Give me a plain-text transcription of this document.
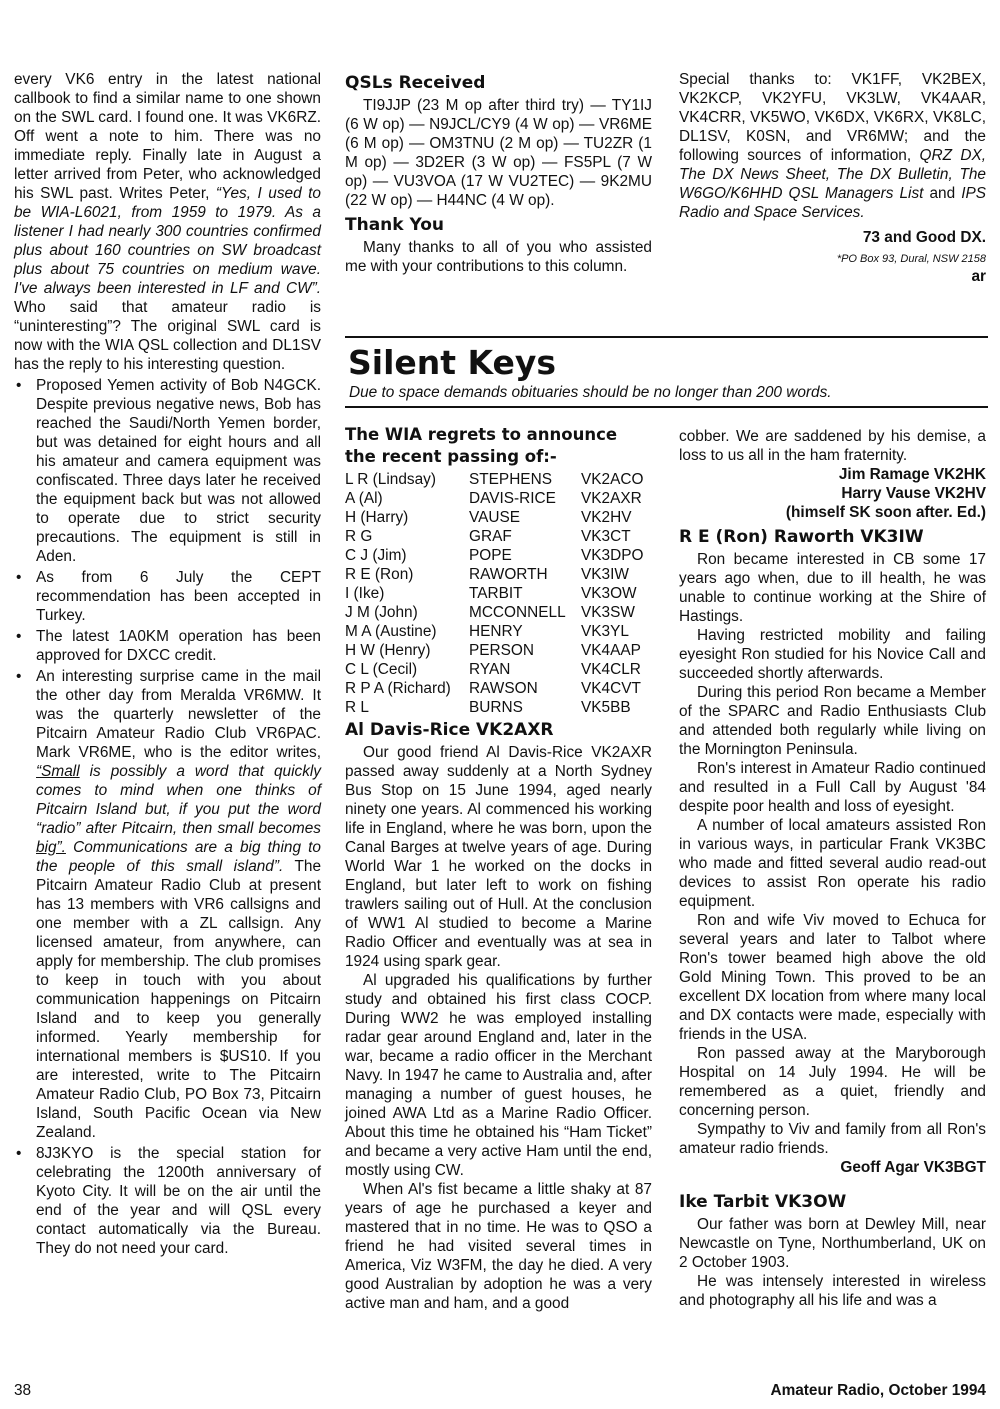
every VK6 entry in the latest national callbook to find a similar name to one shown on the SWL card. I found one. It was VK6RZ. Off went a note to him. There was no immediate reply. Finally late in August a letter arrived from Peter, who acknowledged his SWL past. Writes Peter, “Yes, I used to be WIA-L6021, from 1959 to 1979. As a listener I had nearly 300 countries confirmed plus about 160 countries on SW broadcast plus about 75 countries on medium wave. I've always been interested in LF and CW”. Who said that amateur radio is “uninteresting”? The original SWL card is now with the WIA QSL collection and DL1SV has the reply to his interesting question.

• Proposed Yemen activity of Bob N4GCK. Despite previous negative news, Bob has reached the Saudi/North Yemen border, but was detained for eight hours and all his amateur and camera equipment was confiscated. Three days later he received the equipment back but was not allowed to operate due to strict security precautions. The equipment is still in Aden.
• As from 6 July the CEPT recommendation has been accepted in Turkey.
• The latest 1A0KM operation has been approved for DXCC credit.
• An interesting surprise came in the mail the other day from Meralda VR6MW. It was the quarterly newsletter of the Pitcairn Amateur Radio Club VR6PAC. Mark VR6ME, who is the editor writes, “Small is possibly a word that quickly comes to mind when one thinks of Pitcairn Island but, if you put the word “radio” after Pitcairn, then small becomes big”. Communications are a big thing to the people of this small island”. The Pitcairn Amateur Radio Club at present has 13 members with VR6 callsigns and one member with a ZL callsign. Any licensed amateur, from anywhere, can apply for membership. The club promises to keep in touch with you about communication happenings on Pitcairn Island and to keep you generally informed. Yearly membership for international members is $US10. If you are interested, write to The Pitcairn Amateur Radio Club, PO Box 73, Pitcairn Island, South Pacific Ocean via New Zealand.
• 8J3KYO is the special station for celebrating the 1200th anniversary of Kyoto City. It will be on the air until the end of the year and will QSL every contact automatically via the Bureau. They do not need your card.
QSLs Received

TI9JJP (23 M op after third try) — TY1IJ (6 W op) — N9JCL/CY9 (4 W op) — VR6ME (6 M op) — OM3TNU (2 M op) — TU2ZR (1 M op) — 3D2ER (3 W op) — FS5PL (7 W op) — VU3VOA (17 W VU2TEC) — 9K2MU (22 W op) — H44NC (4 W op).

Thank You

Many thanks to all of you who assisted me with your contributions to this column.

Special thanks to: VK1FF, VK2BEX, VK2KCP, VK2YFU, VK3LW, VK4AAR, VK4CRR, VK5WO, VK6DX, VK6RX, VK8LC, DL1SV, K0SN, and VR6MW; and the following sources of information, QRZ DX, The DX News Sheet, The DX Bulletin, The W6GO/K6HHD QSL Managers List and IPS Radio and Space Services.

73 and Good DX.

*PO Box 93, Dural, NSW 2158

ar

Silent Keys
Due to space demands obituaries should be no longer than 200 words.
The WIA regrets to announce the recent passing of:-
L R (Lindsay)	STEPHENS	VK2ACO
A (Al)	DAVIS-RICE	VK2AXR
H (Harry)	VAUSE	VK2HV
R G	GRAF	VK3CT
C J (Jim)	POPE	VK3DPO
R E (Ron)	RAWORTH	VK3IW
I (Ike)	TARBIT	VK3OW
J M (John)	MCCONNELL	VK3SW
M A (Austine)	HENRY	VK3YL
H W (Henry)	PERSON	VK4AAP
C L (Cecil)	RYAN	VK4CLR
R P A (Richard)	RAWSON	VK4CVT
R L	BURNS	VK5BB
Al Davis-Rice VK2AXR

Our good friend Al Davis-Rice VK2AXR passed away suddenly at a North Sydney Bus Stop on 15 June 1994, aged nearly ninety one years. Al commenced his working life in England, where he was born, upon the Canal Barges at twelve years of age. During World War 1 he worked on the docks in England, but later left to work on fishing trawlers sailing out of Hull. At the conclusion of WW1 Al studied to become a Marine Radio Officer and eventually was at sea in 1924 using spark gear.

Al upgraded his qualifications by further study and obtained his first class COCP. During WW2 he was employed installing radar gear around England and, later in the war, became a radio officer in the Merchant Navy. In 1947 he came to Australia and, after managing a number of guest houses, he joined AWA Ltd as a Marine Radio Officer. About this time he obtained his “Ham Ticket” and became a very active Ham until the end, mostly using CW.

When Al's fist became a little shaky at 87 years of age he purchased a keyer and mastered that in no time. He was to QSO a friend he had visited several times in America, Viz W3FM, the day he died. A very good Australian by adoption he was a very active man and ham, and a good

cobber. We are saddened by his demise, a loss to us all in the ham fraternity.

Jim Ramage VK2HK

Harry Vause VK2HV

(himself SK soon after. Ed.)

R E (Ron) Raworth VK3IW

Ron became interested in CB some 17 years ago when, due to ill health, he was unable to continue working at the Shire of Hastings.

Having restricted mobility and failing eyesight Ron studied for his Novice Call and succeeded shortly afterwards.

During this period Ron became a Member of the SPARC and Radio Enthusiasts Club and attended both regularly while living on the Mornington Peninsula.

Ron's interest in Amateur Radio continued and resulted in a Full Call by August '84 despite poor health and loss of eyesight.

A number of local amateurs assisted Ron in various ways, in particular Frank VK3BC who made and fitted several audio read-out devices to assist Ron operate his radio equipment.

Ron and wife Viv moved to Echuca for several years and later to Talbot where Ron's tower beamed high above the old Gold Mining Town. This proved to be an excellent DX location from where many local and DX contacts were made, especially with friends in the USA.

Ron passed away at the Maryborough Hospital on 14 July 1994. He will be remembered as a quiet, friendly and concerning person.

Sympathy to Viv and family from all Ron's amateur radio friends.

Geoff Agar VK3BGT

Ike Tarbit VK3OW

Our father was born at Dewley Mill, near Newcastle on Tyne, Northumberland, UK on 2 October 1903.

He was intensely interested in wireless and photography all his life and was a

38	Amateur Radio, October 1994
